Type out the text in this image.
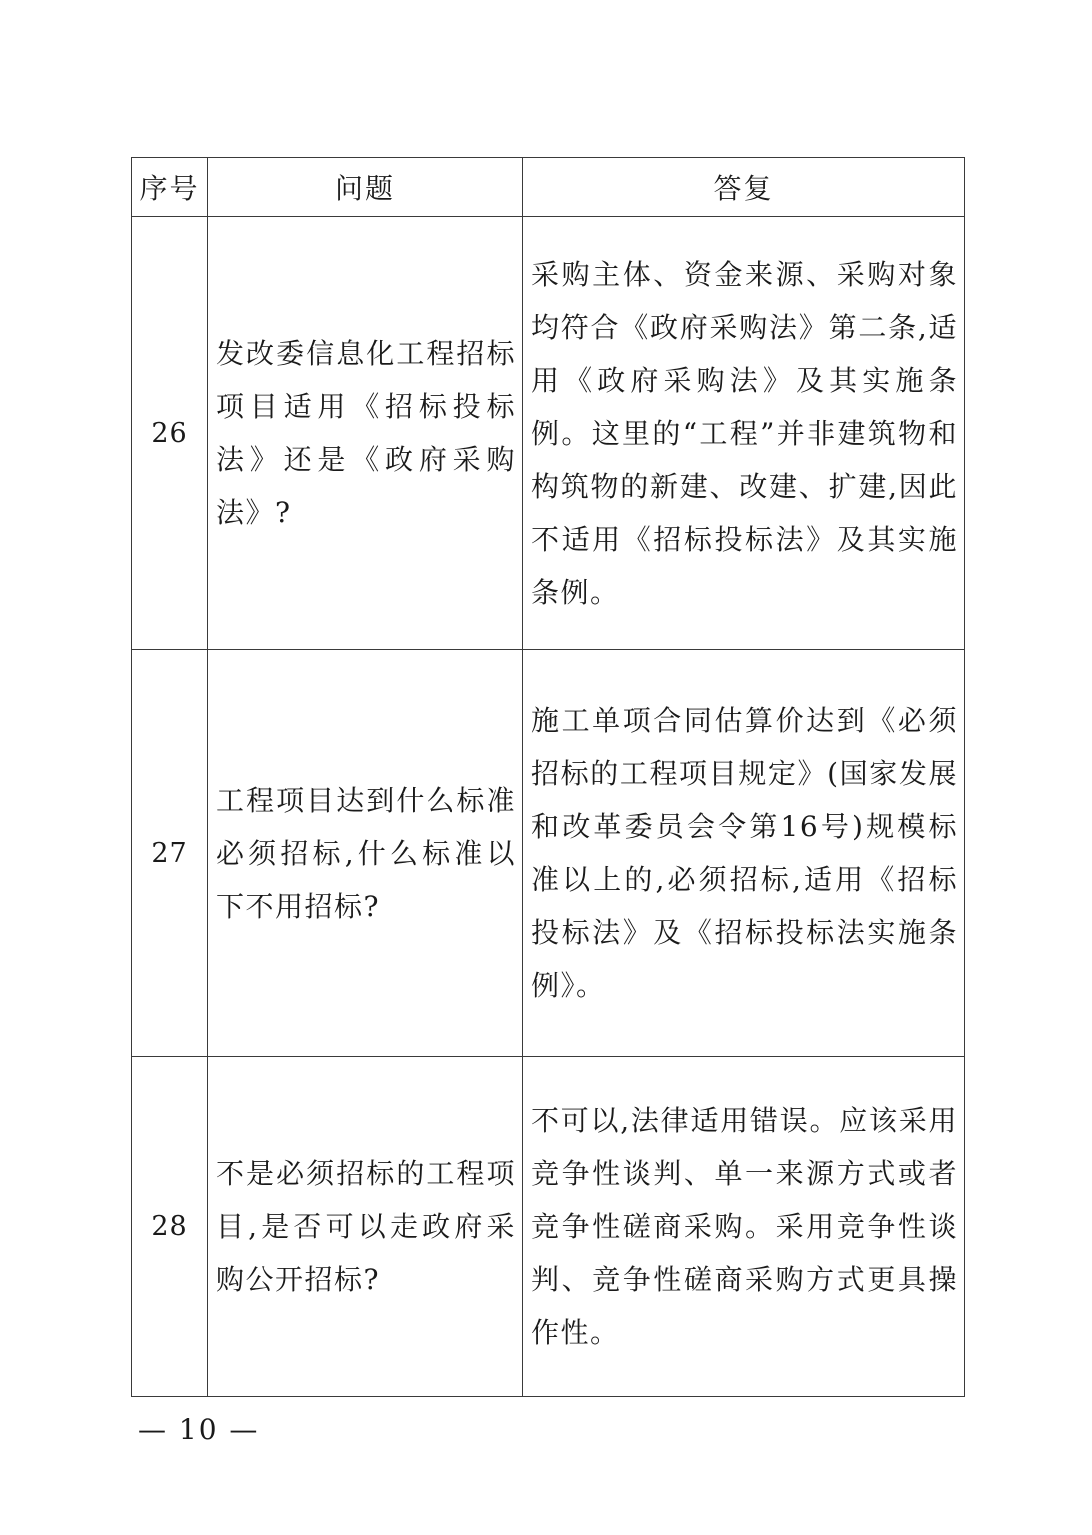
序号	问题	答复
26	发改委信息化工程招标项目适用《招标投标法》还是《政府采购法》?	采购主体、资金来源、采购对象均符合《政府采购法》第二条,适用《政府采购法》及其实施条例。这里的“工程”并非建筑物和构筑物的新建、改建、扩建,因此不适用《招标投标法》及其实施条例。

27	工程项目达到什么标准必须招标,什么标准以下不用招标?	施工单项合同估算价达到《必须招标的工程项目规定》(国家发展和改革委员会令第16号)规模标准以上的,必须招标,适用《招标投标法》及《招标投标法实施条例》。

28	不是必须招标的工程项目,是否可以走政府采购公开招标?	不可以,法律适用错误。应该采用竞争性谈判、单一来源方式或者竞争性磋商采购。采用竞争性谈判、竞争性磋商采购方式更具操作性。
— 10 —
